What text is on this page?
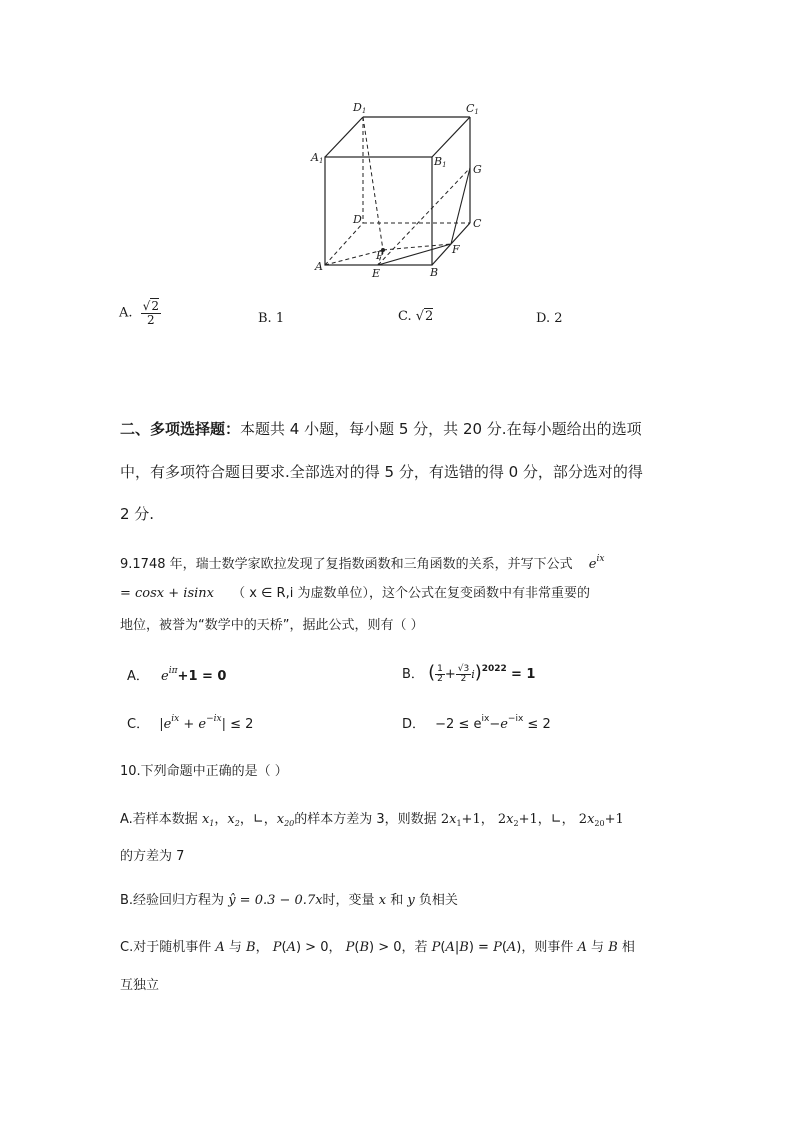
D1	C1
A1	B1 G
D	C
F
P
A
E	B
A. $\frac{√2}{2}$	B. 1	C. √2	D. 2
二、多项选择题：本题共 4 小题，每小题 5 分，共 20 分.在每小题给出的选项
中，有多项符合题目要求.全部选对的得 5 分，有选错的得 0 分，部分选对的得
2 分.
9.1748 年，瑞士数学家欧拉发现了复指数函数和三角函数的关系，并写下公式 $e^{ix}$
= cosx + isinx （ x ∈ R,i 为虚数单位），这个公式在复变函数中有非常重要的
地位，被誉为“数学中的天桥”，据此公式，则有（ ）
A． $e^{i\pi}+1 = 0$	B． ( $\frac{1}{2} + \frac{√3}{2} i)^{2022} = 1$
C． $|e^{ix} + e^{-ix}| \le 2$	D． $-2 \le e^{ix}-e^{-ix} \le 2$
10.下列命题中正确的是（ ）
A.若样本数据 $x_1$，$x_2$，∟，$x_{20}$的样本方差为 3，则数据 $2x_1+1$， $2x_2+1$，∟， $2x_{20}+1$
的方差为 7
B.经验回归方程为 ŷ = 0.3 − 0.7x时，变量 x 和 y 负相关
C.对于随机事件 A 与 B， P(A) > 0， P(B) > 0，若 P(A|B) = P(A)，则事件 A 与 B 相
互独立
